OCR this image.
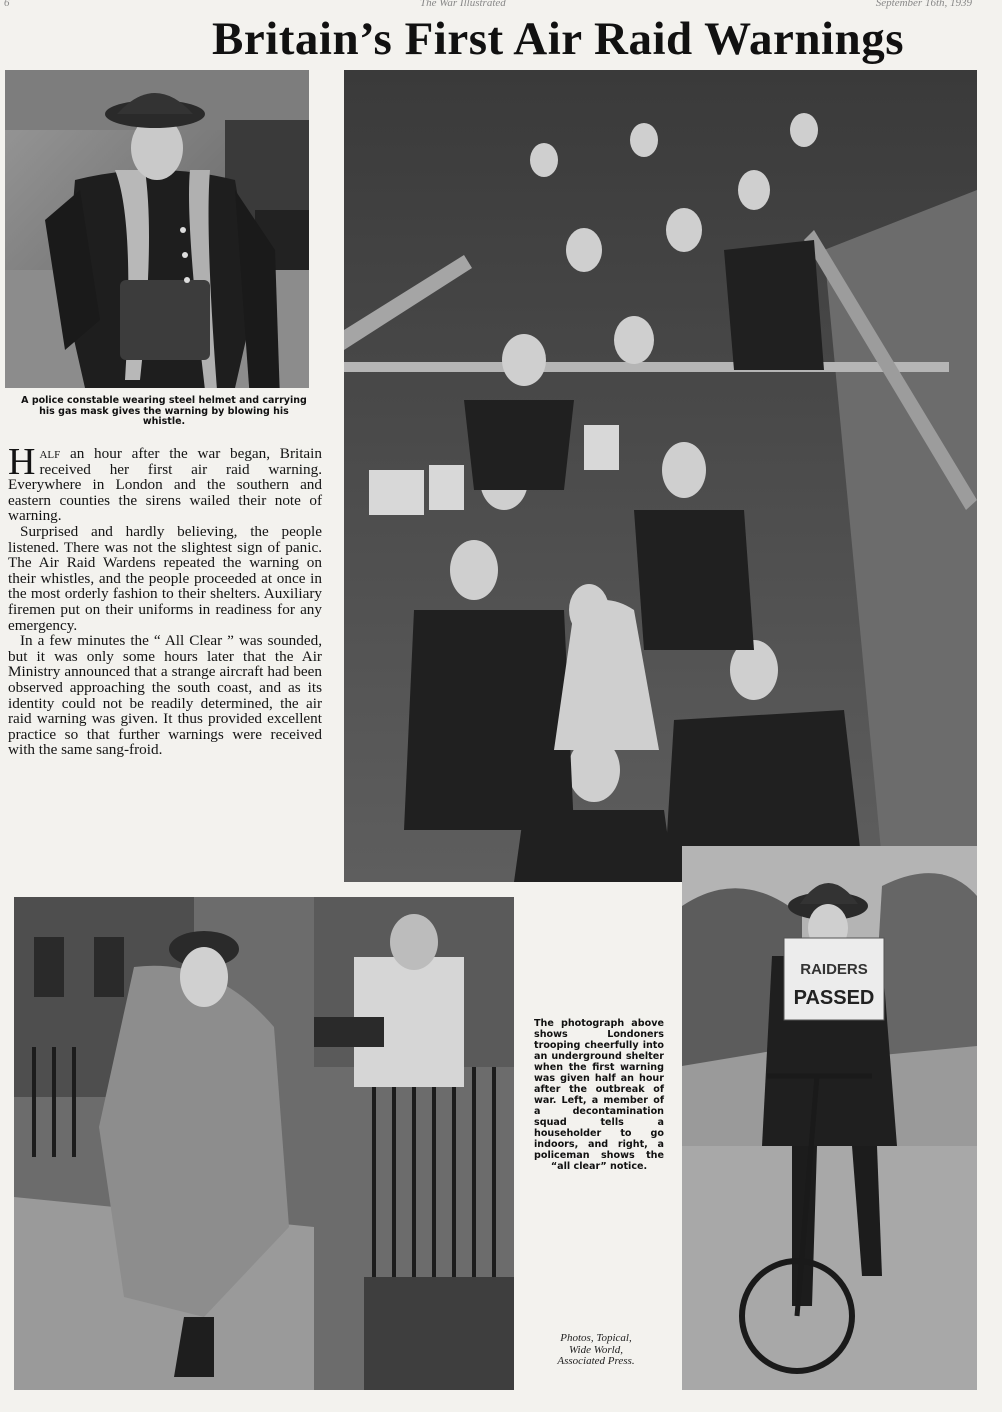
6	The War Illustrated	September 16th, 1939
Britain’s First Air Raid Warnings
A police constable wearing steel helmet and carrying his gas mask gives the warning by blowing his whistle.

Half an hour after the war began, Britain received her first air raid warning. Everywhere in London and the southern and eastern counties the sirens wailed their note of warning.

Surprised and hardly believing, the people listened. There was not the slightest sign of panic. The Air Raid Wardens repeated the warning on their whistles, and the people proceeded at once in the most orderly fashion to their shelters. Auxiliary firemen put on their uniforms in readiness for any emergency.

In a few minutes the “ All Clear ” was sounded, but it was only some hours later that the Air Ministry announced that a strange aircraft had been observed approaching the south coast, and as its identity could not be readily determined, the air raid warning was given. It thus provided excellent practice so that further warnings were received with the same sang-froid.

The photograph above shows Londoners trooping cheerfully into an underground shelter when the first warning was given half an hour after the outbreak of war. Left, a member of a decontamination squad tells a householder to go indoors, and right, a policeman shows the “all clear” notice.
Photos, Topical,
Wide World,
Associated Press.
RAIDERS
PASSED
